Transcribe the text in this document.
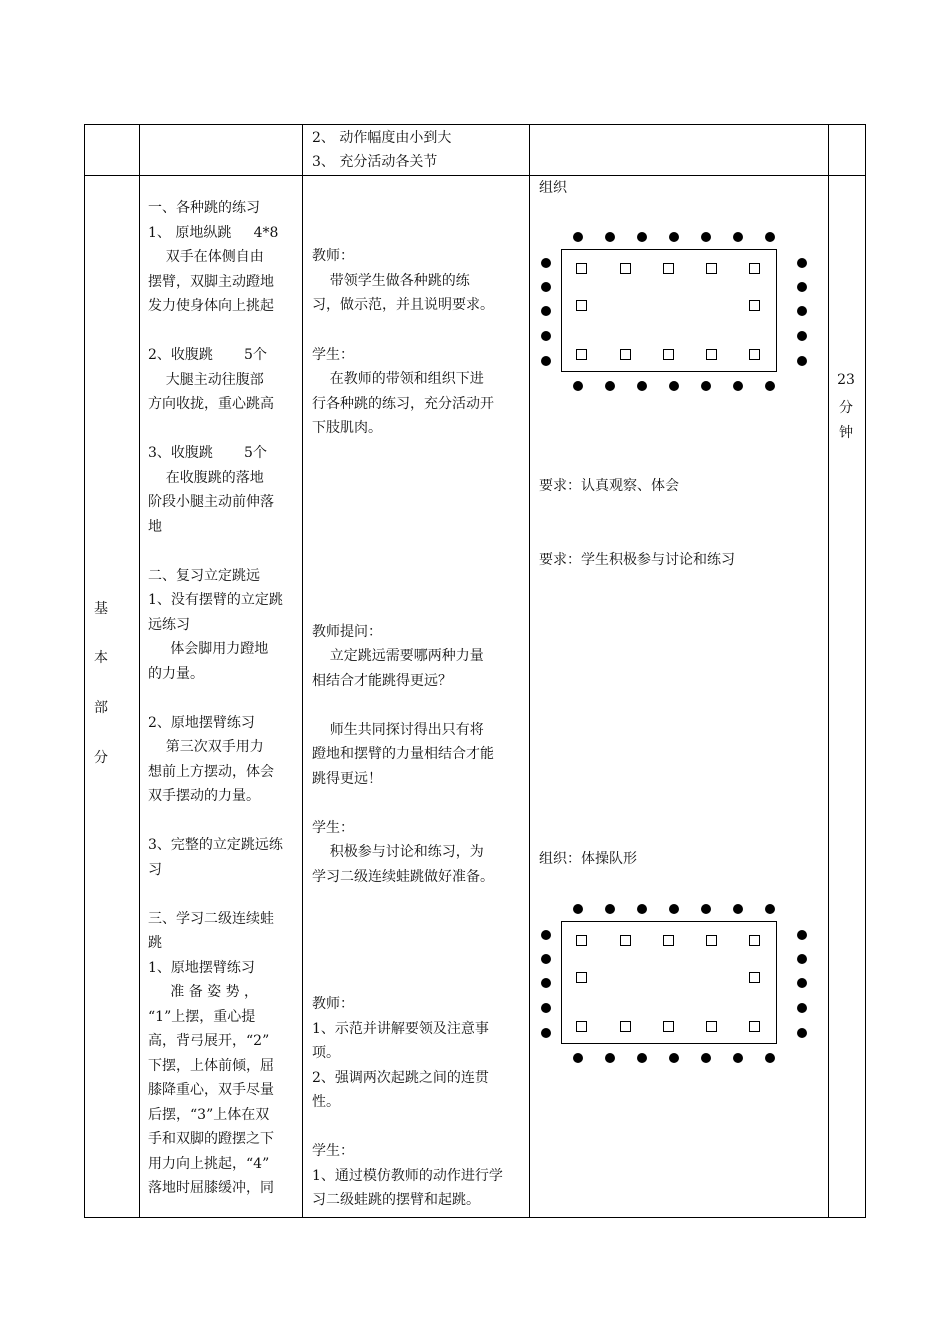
2、 动作幅度由小到大
3、 充分活动各关节
基
本
部
分
一、各种跳的练习
1、 原地纵跳     4*8
双手在体侧自由
摆臂，双脚主动蹬地
发力使身体向上挑起

2、收腹跳       5个
大腿主动往腹部
方向收拢，重心跳高

3、收腹跳       5个
在收腹跳的落地
阶段小腿主动前伸落
地

二、复习立定跳远
1、没有摆臂的立定跳
远练习
体会脚用力蹬地
的力量。

2、原地摆臂练习
第三次双手用力
想前上方摆动，体会
双手摆动的力量。

3、完整的立定跳远练
习

三、学习二级连续蛙
跳
1、原地摆臂练习
准 备 姿 势 ，
“1”上摆，重心提
高，背弓展开，“2”
下摆，上体前倾，屈
膝降重心，双手尽量
后摆，“3”上体在双
手和双脚的蹬摆之下
用力向上挑起，“4”
落地时屈膝缓冲，同
教师：
带领学生做各种跳的练
习，做示范，并且说明要求。
学生：
在教师的带领和组织下进
行各种跳的练习，充分活动开
下肢肌肉。
教师提问：
立定跳远需要哪两种力量
相结合才能跳得更远？
师生共同探讨得出只有将
蹬地和摆臂的力量相结合才能
跳得更远！
学生：
积极参与讨论和练习，为
学习二级连续蛙跳做好准备。
教师：
1、示范并讲解要领及注意事
项。
2、强调两次起跳之间的连贯
性。
学生：
1、通过模仿教师的动作进行学
习二级蛙跳的摆臂和起跳。
组织
要求：认真观察、体会
要求：学生积极参与讨论和练习
组织：体操队形
23
分
钟
